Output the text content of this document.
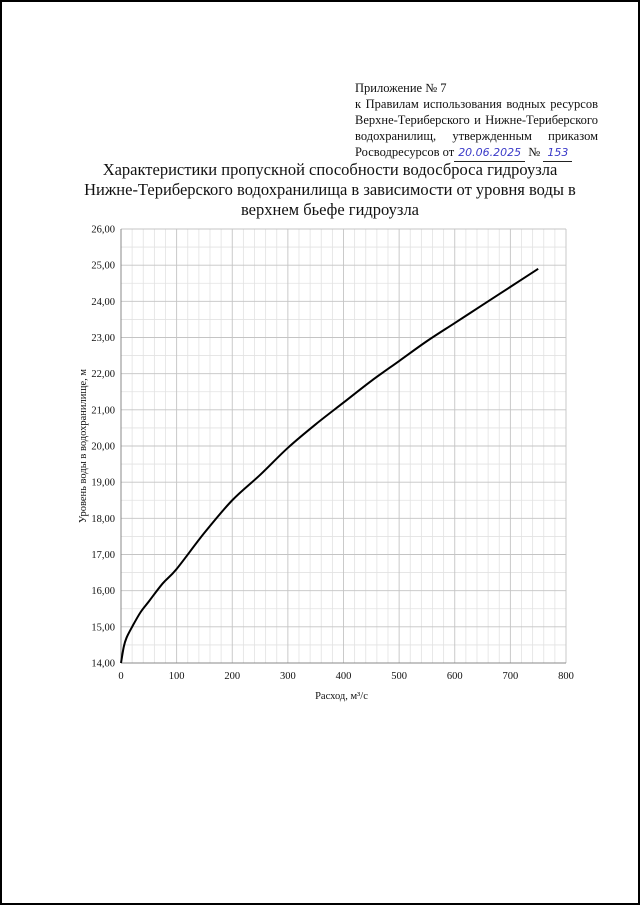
Приложение № 7
к Правилам использования водных ресурсов
Верхне-Териберского и Нижне-Териберского
водохранилищ, утвержденным приказом
Росводресурсов от 20.06.2025 № 153
Характеристики пропускной способности водосброса гидроузла Нижне-Териберского водохранилища в зависимости от уровня воды в верхнем бьефе гидроузла
14,00
15,00
16,00
17,00
18,00
19,00
20,00
21,00
22,00
23,00
24,00
25,00
26,00
0	100	200	300	400	500	600	700	800
Расход, м³/с
Уровень воды в водохранилище, м
